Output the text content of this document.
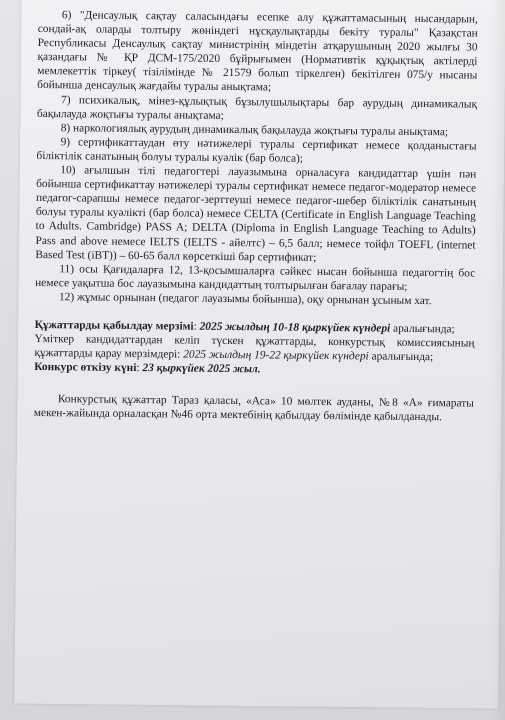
6) "Денсаулық сақтау саласындағы есепке алу құжаттамасының нысандарын, сондай-ақ оларды толтыру жөніндегі нұсқаулықтарды бекіту туралы" Қазақстан Республикасы Денсаулық сақтау министрінің міндетін атқарушының 2020 жылғы 30 қазандағы № ҚР ДСМ-175/2020 бұйрығымен (Нормативтік құқықтық актілерді мемлекеттік тіркеу( тізілімінде № 21579 болып тіркелген) бекітілген 075/у нысаны бойынша денсаулық жағдайы туралы анықтама;

7) психикалық, мінез-құлықтық бұзылушылықтары бар аурудың динамикалық бақылауда жоқтығы туралы анықтама;

8) наркологиялық аурудың динамикалық бақылауда жоқтығы туралы анықтама;

9) сертификаттаудан өту нәтижелері туралы сертификат немесе қолданыстағы біліктілік санатының болуы туралы куәлік (бар болса);

10) ағылшын тілі педагогтері лауазымына орналасуға кандидаттар үшін пән бойынша сертификаттау нәтижелері туралы сертификат немесе педагог-модератор немесе педагог-сарапшы немесе педагог-зерттеуші немесе педагог-шебер біліктілік санатының болуы туралы куәлікті (бар болса) немесе CELTA (Certificate in English Language Teaching to Adults. Cambridge) PASS A; DELTA (Diploma in English Language Teaching to Adults) Pass and above немесе IELTS (IELTS - айелтс) – 6,5 балл; немесе тойфл TOEFL (internet Based Test (iBT)) – 60-65 балл көрсеткіші бар сертификат;

11) осы Қағидаларға 12, 13-қосымшаларға сәйкес нысан бойынша педагогтің бос немесе уақытша бос лауазымына кандидаттың толтырылған бағалау парағы;

12) жұмыс орнынан (педагог лауазымы бойынша), оқу орнынан ұсыным хат.

Құжаттарды қабылдау мерзімі: 2025 жылдың 10-18 қыркүйек күндері аралығында;

Үміткер кандидаттардан келіп түскен құжаттарды, конкурстық комиссиясының құжаттарды қарау мерзімдері: 2025 жылдың 19-22 қыркүйек күндері аралығында;

Конкурс өткізу күні: 23 қыркүйек 2025 жыл.

Конкурстық құжаттар Тараз қаласы, «Аса» 10 мөлтек ауданы, №8 «А» ғимараты мекен-жайында орналасқан №46 орта мектебінің қабылдау бөлімінде қабылданады.
